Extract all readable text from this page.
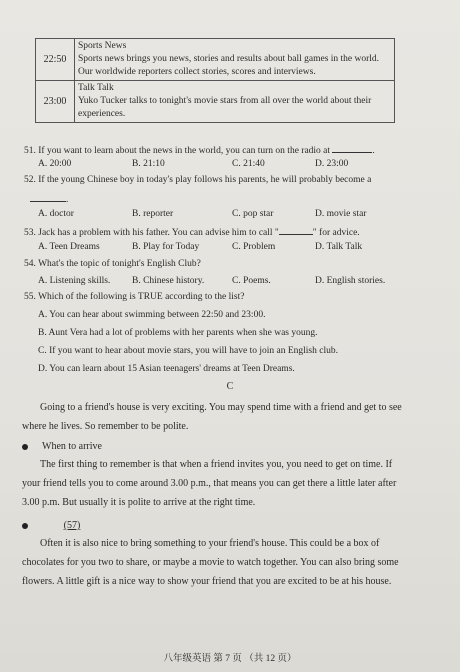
22:50	Sports News
Sports news brings you news, stories and results about ball games in the world. Our worldwide reporters collect stories, scores and interviews.
23:00	Talk Talk
Yuko Tucker talks to tonight's movie stars from all over the world about their experiences.
51. If you want to learn about the news in the world, you can turn on the radio at	.
A. 20:00	B. 21:10	C. 21:40	D. 23:00
52. If the young Chinese boy in today's play follows his parents, he will probably become a
.
A. doctor	B. reporter	C. pop star	D. movie star
53. Jack has a problem with his father. You can advise him to call "	" for advice.
A. Teen Dreams	B. Play for Today	C. Problem	D. Talk Talk
54. What's the topic of tonight's English Club?
A. Listening skills. B. Chinese history.	C. Poems.	D. English stories.
55. Which of the following is TRUE according to the list?
A. You can hear about swimming between 22:50 and 23:00.
B. Aunt Vera had a lot of problems with her parents when she was young.
C. If you want to hear about movie stars, you will have to join an English club.
D. You can learn about 15 Asian teenagers' dreams at Teen Dreams.
C
Going to a friend's house is very exciting. You may spend time with a friend and get to see where he lives. So remember to be polite.
When to arrive
The first thing to remember is that when a friend invites you, you need to get on time. If your friend tells you to come around 3.00 p.m., that means you can get there a little later after 3.00 p.m. But usually it is polite to arrive at the right time.
(57)
Often it is also nice to bring something to your friend's house. This could be a box of chocolates for you two to share, or maybe a movie to watch together. You can also bring some flowers. A little gift is a nice way to show your friend that you are excited to be at his house.
八年级英语 第 7 页 （共 12 页）
